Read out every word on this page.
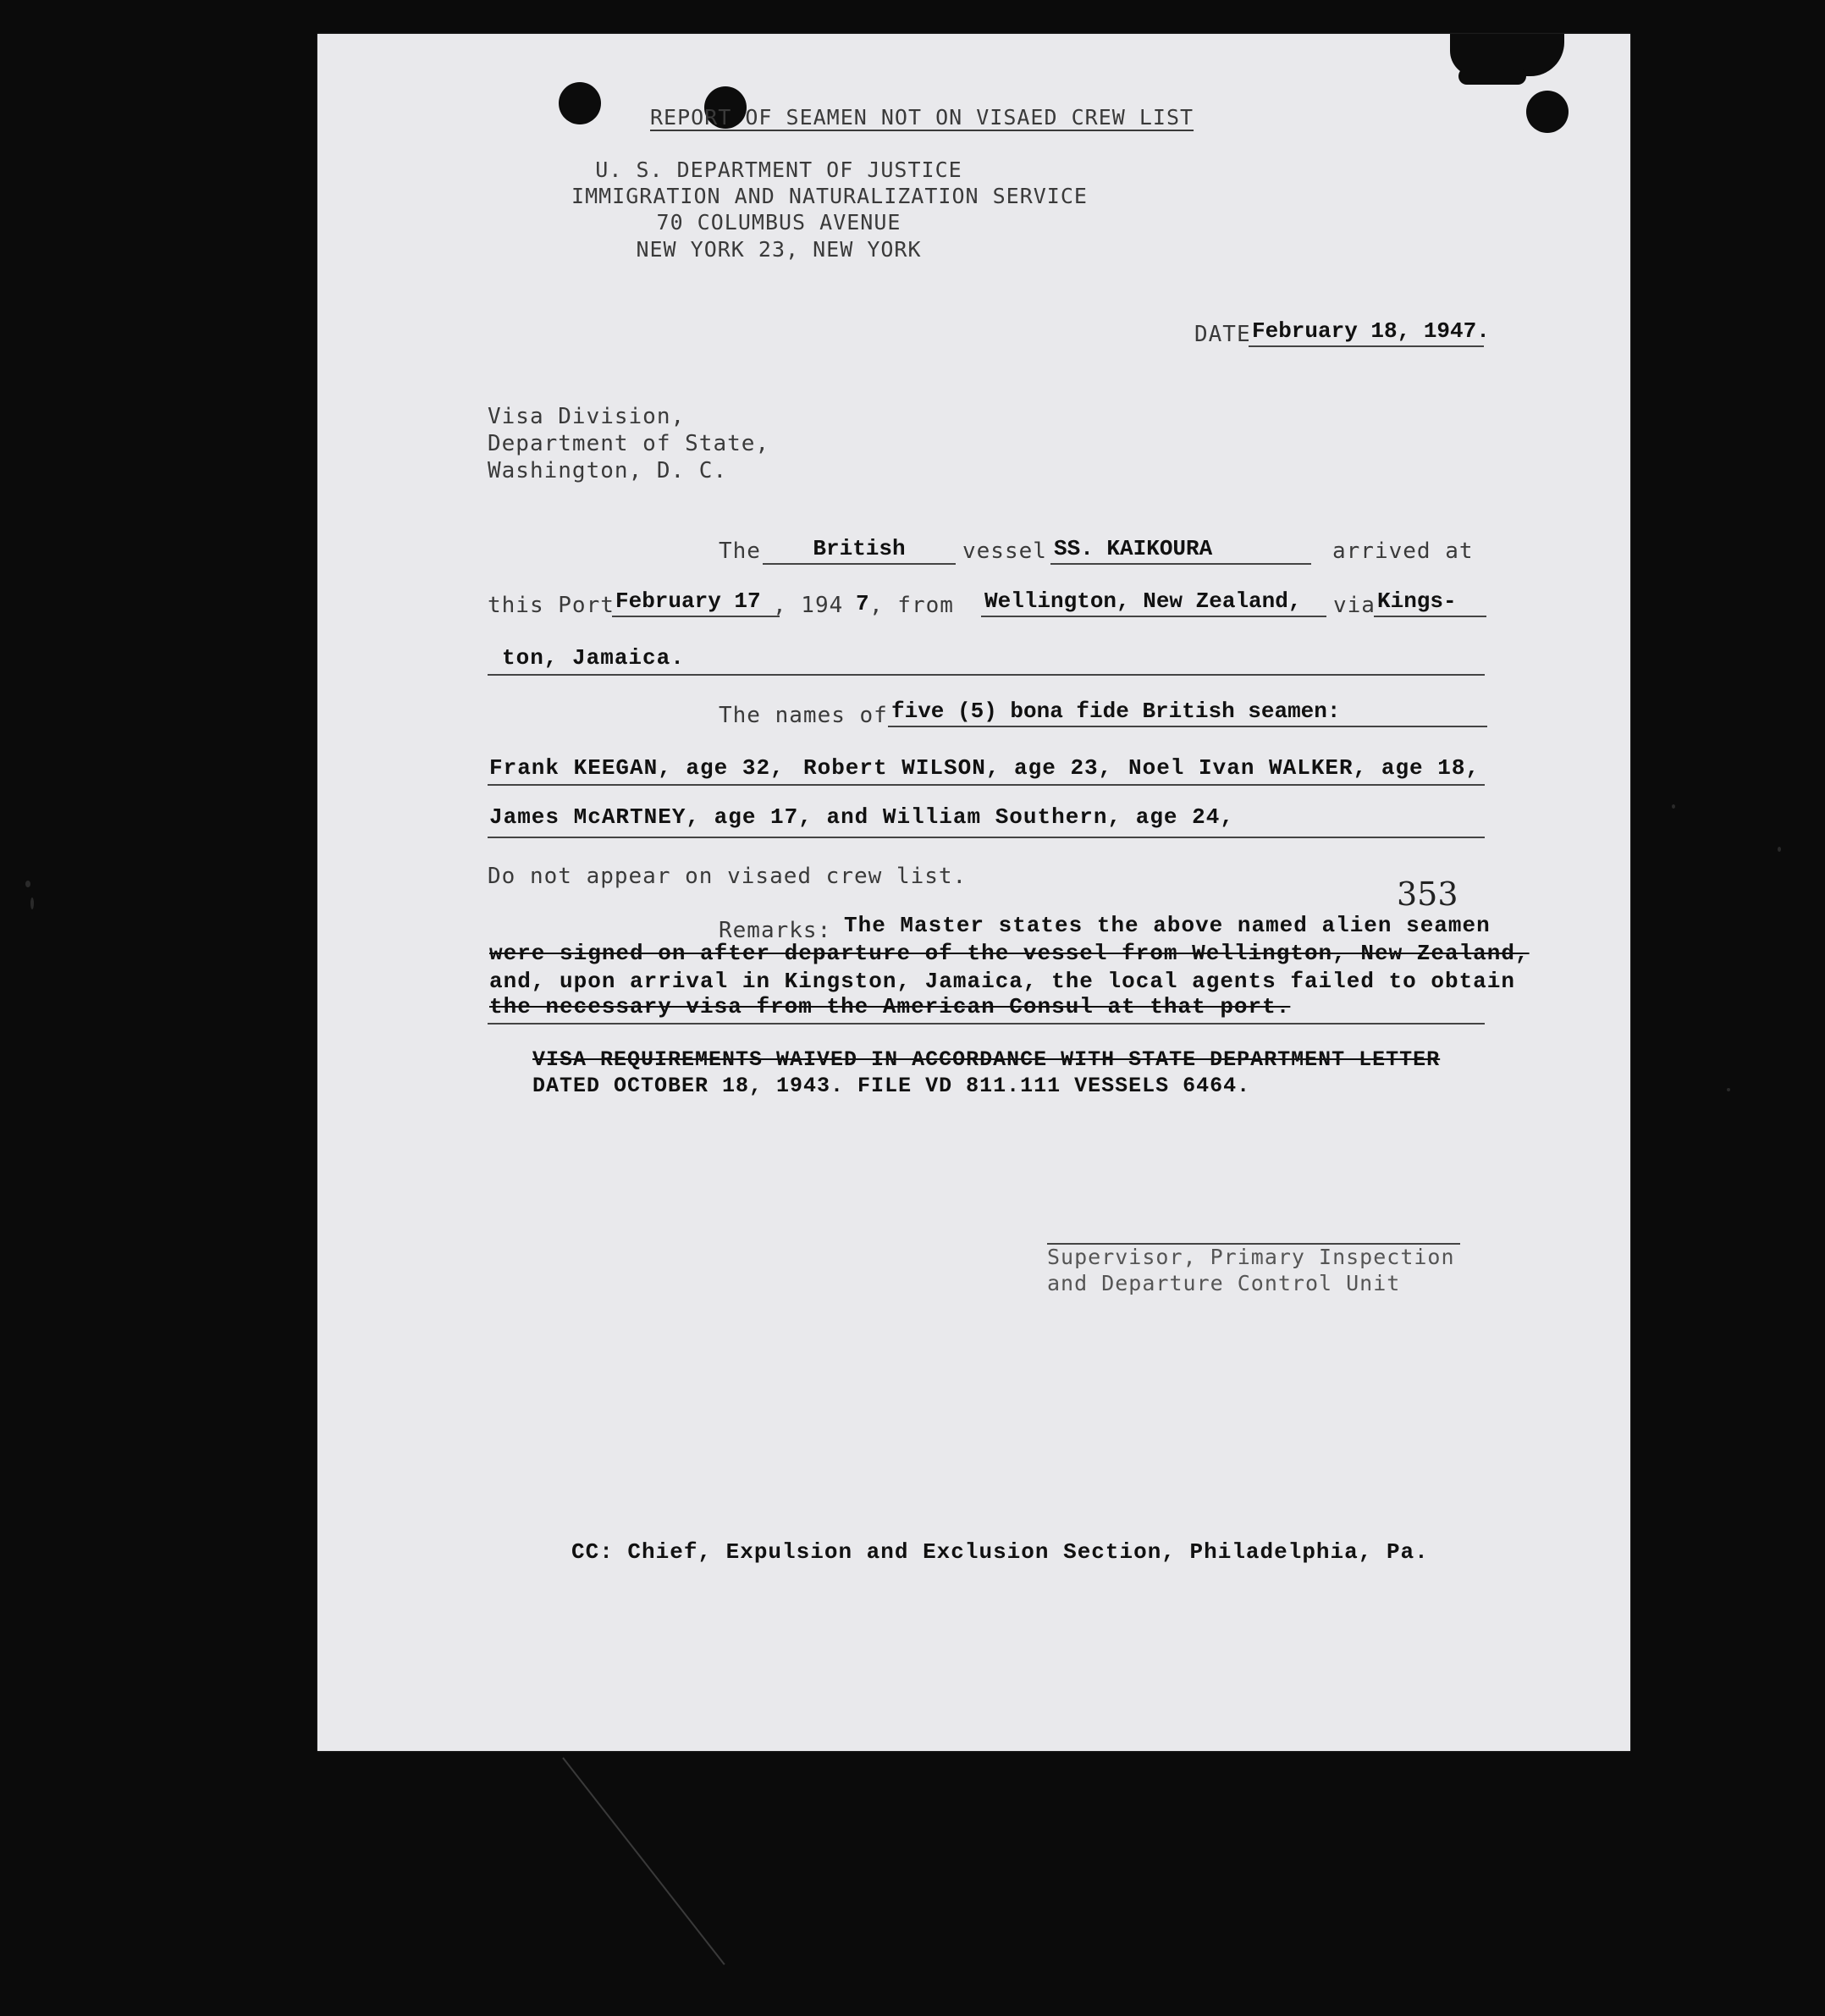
REPORT OF SEAMEN NOT ON VISAED CREW LIST
U. S. DEPARTMENT OF JUSTICE
IMMIGRATION AND NATURALIZATION SERVICE
70 COLUMBUS AVENUE
NEW YORK 23, NEW YORK
DATE February 18, 1947.
Visa Division,
Department of State,
Washington, D. C.
The	British	vessel SS. KAIKOURA	arrived at
this Port February 17 , 194 7 , from Wellington, New Zealand,	via Kings-
ton, Jamaica.
The names of five (5) bona fide British seamen:
Frank KEEGAN, age 32, Robert WILSON, age 23, Noel Ivan WALKER, age 18,
James McARTNEY, age 17, and William Southern, age 24,
Do not appear on visaed crew list.	353
Remarks: The Master states the above named alien seamen
were signed on after departure of the vessel from Wellington, New Zealand,
and, upon arrival in Kingston, Jamaica, the local agents failed to obtain
the necessary visa from the American Consul at that port.
VISA REQUIREMENTS WAIVED IN ACCORDANCE WITH STATE DEPARTMENT LETTER
DATED OCTOBER 18, 1943. FILE VD 811.111 VESSELS 6464.
Supervisor, Primary Inspection
and Departure Control Unit
CC: Chief, Expulsion and Exclusion Section, Philadelphia, Pa.
